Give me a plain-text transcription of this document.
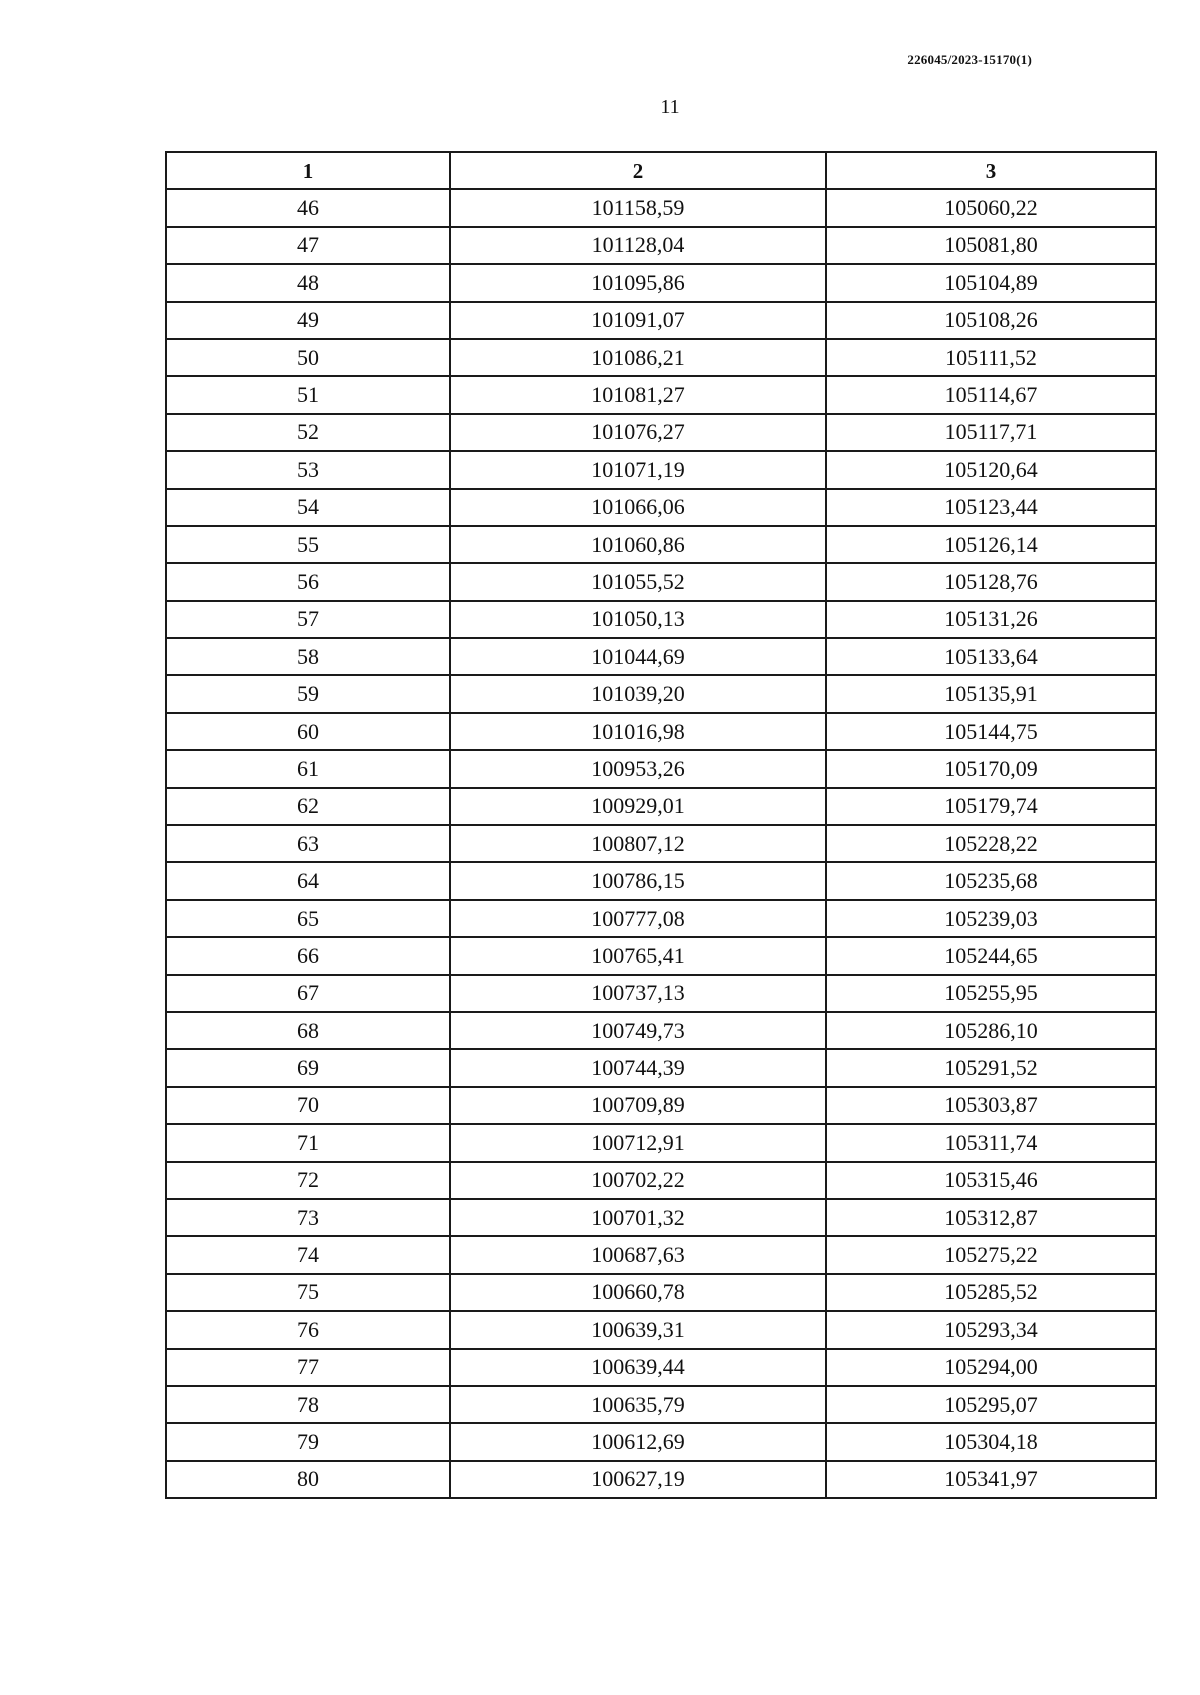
226045/2023-15170(1)
11
1	2	3
46	101158,59	105060,22
47	101128,04	105081,80
48	101095,86	105104,89
49	101091,07	105108,26
50	101086,21	105111,52
51	101081,27	105114,67
52	101076,27	105117,71
53	101071,19	105120,64
54	101066,06	105123,44
55	101060,86	105126,14
56	101055,52	105128,76
57	101050,13	105131,26
58	101044,69	105133,64
59	101039,20	105135,91
60	101016,98	105144,75
61	100953,26	105170,09
62	100929,01	105179,74
63	100807,12	105228,22
64	100786,15	105235,68
65	100777,08	105239,03
66	100765,41	105244,65
67	100737,13	105255,95
68	100749,73	105286,10
69	100744,39	105291,52
70	100709,89	105303,87
71	100712,91	105311,74
72	100702,22	105315,46
73	100701,32	105312,87
74	100687,63	105275,22
75	100660,78	105285,52
76	100639,31	105293,34
77	100639,44	105294,00
78	100635,79	105295,07
79	100612,69	105304,18
80	100627,19	105341,97
